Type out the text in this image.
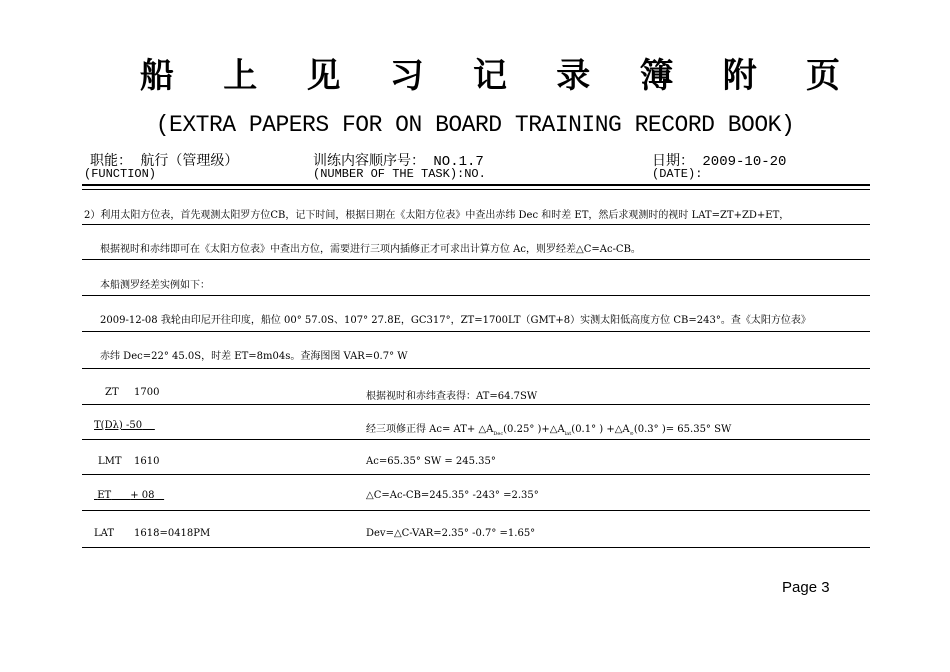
船 上 见 习 记 录 簿 附 页
(EXTRA PAPERS FOR ON BOARD TRAINING RECORD BOOK)
职能： 航行（管理级）
(FUNCTION)
训练内容顺序号： NO.1.7
(NUMBER OF THE TASK):NO.
日期： 2009-10-20
(DATE):
2）利用太阳方位表，首先观测太阳罗方位CB，记下时间，根据日期在《太阳方位表》中查出赤纬 Dec 和时差 ET，然后求观测时的视时 LAT=ZT+ZD+ET，
根据视时和赤纬即可在《太阳方位表》中查出方位，需要进行三项内插修正才可求出计算方位 Ac，则罗经差△C=Ac-CB。
本船测罗经差实例如下：
2009-12-08 我轮由印尼开往印度，船位 00° 57.0S、107° 27.8E，GC317°，ZT=1700LT（GMT+8）实测太阳低高度方位 CB=243°。查《太阳方位表》
赤纬 Dec=22° 45.0S，时差 ET=8m04s。查海图图 VAR=0.7° W
ZT 1700	根据视时和赤纬查表得：AT=64.7SW
T(Dλ) -50	经三项修正得 $Ac= AT+ \triangle A_{Dec}(0.25^\circ$ )$+\triangle A_{lat}(0.1^\circ$ ) $+\triangle A_⊙(0.3^\circ$ )= 65.35° SW
LMT 1610	Ac=65.35° SW = 245.35°
ET + 08	△C=Ac-CB=245.35° -243° =2.35°
LAT 1618=0418PM	Dev=△C-VAR=2.35° -0.7° =1.65°
Page 3
